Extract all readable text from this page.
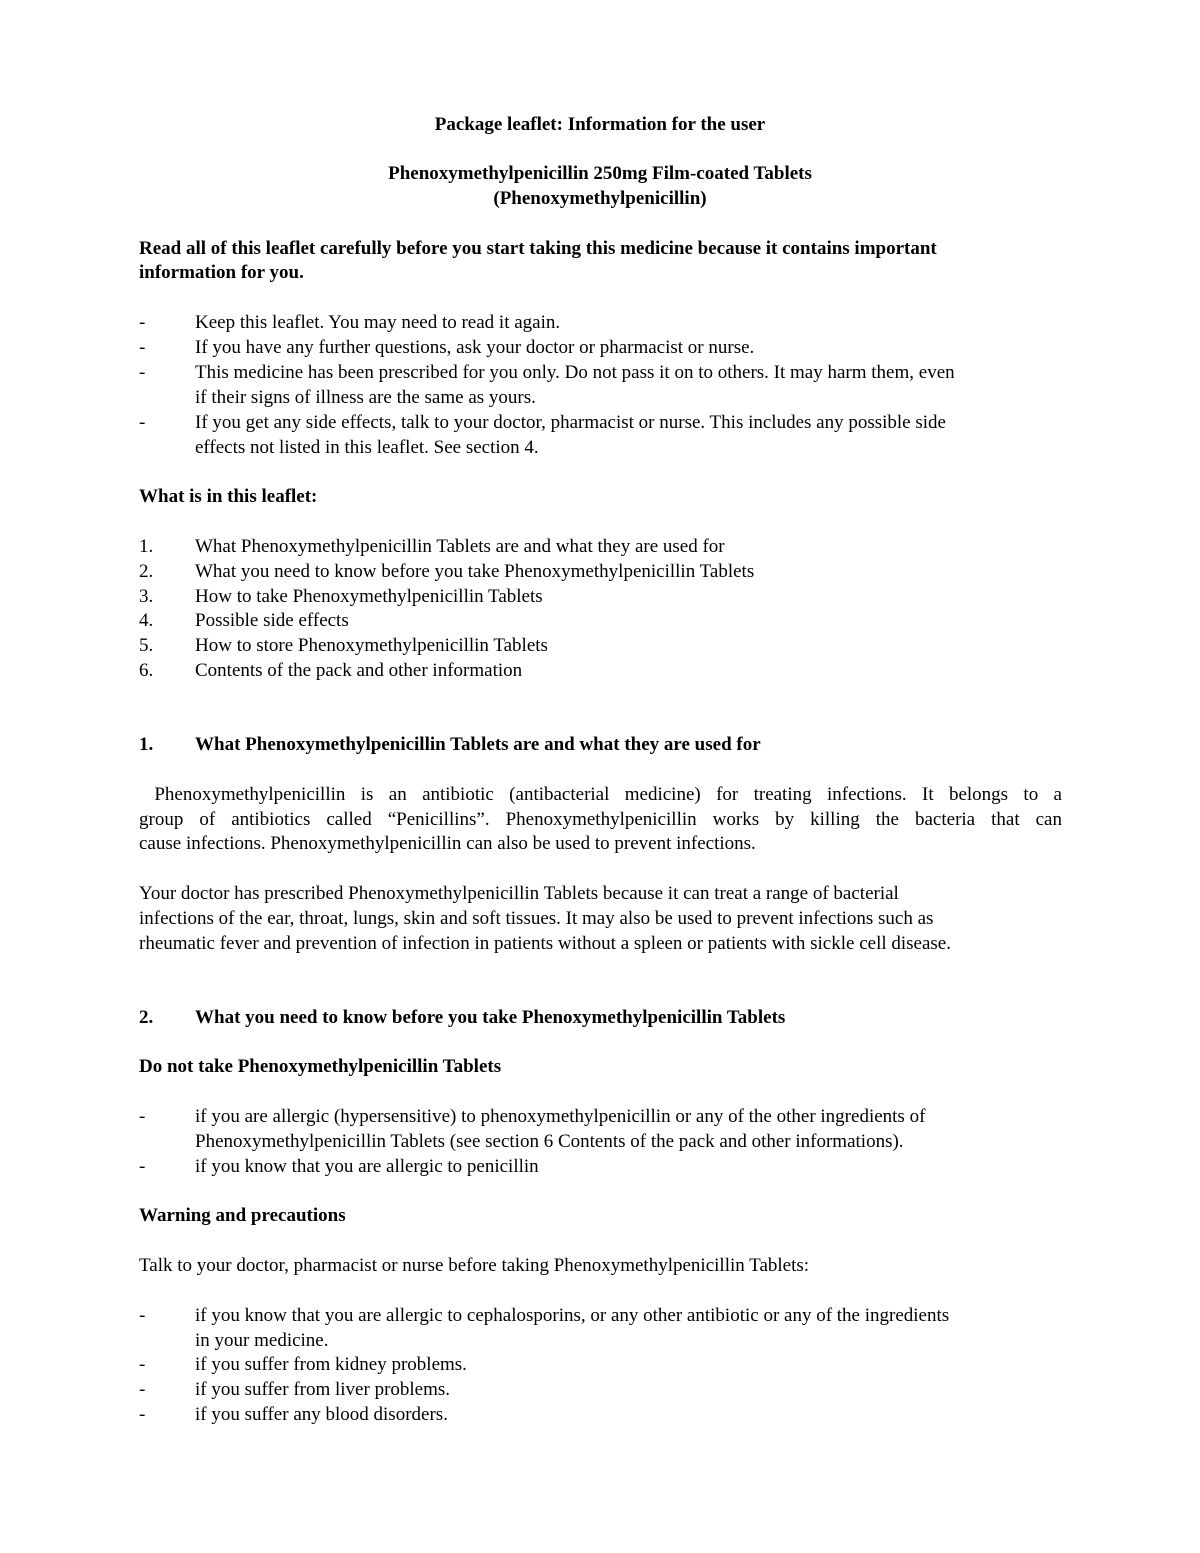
Package leaflet: Information for the user
Phenoxymethylpenicillin 250mg Film-coated Tablets
(Phenoxymethylpenicillin)
Read all of this leaflet carefully before you start taking this medicine because it contains important
information for you.
-	Keep this leaflet. You may need to read it again.
-	If you have any further questions, ask your doctor or pharmacist or nurse.
-	This medicine has been prescribed for you only. Do not pass it on to others. It may harm them, even
if their signs of illness are the same as yours.
-	If you get any side effects, talk to your doctor, pharmacist or nurse. This includes any possible side
effects not listed in this leaflet. See section 4.
What is in this leaflet:
1. What Phenoxymethylpenicillin Tablets are and what they are used for
2. What you need to know before you take Phenoxymethylpenicillin Tablets
3. How to take Phenoxymethylpenicillin Tablets
4. Possible side effects
5. How to store Phenoxymethylpenicillin Tablets
6. Contents of the pack and other information
1. What Phenoxymethylpenicillin Tablets are and what they are used for
Phenoxymethylpenicillin is an antibiotic (antibacterial medicine) for treating infections. It belongs to a
group of antibiotics called “Penicillins”. Phenoxymethylpenicillin works by killing the bacteria that can
cause infections. Phenoxymethylpenicillin can also be used to prevent infections.
Your doctor has prescribed Phenoxymethylpenicillin Tablets because it can treat a range of bacterial
infections of the ear, throat, lungs, skin and soft tissues. It may also be used to prevent infections such as
rheumatic fever and prevention of infection in patients without a spleen or patients with sickle cell disease.
2. What you need to know before you take Phenoxymethylpenicillin Tablets
Do not take Phenoxymethylpenicillin Tablets
-	if you are allergic (hypersensitive) to phenoxymethylpenicillin or any of the other ingredients of
Phenoxymethylpenicillin Tablets (see section 6 Contents of the pack and other informations).
-	if you know that you are allergic to penicillin
Warning and precautions
Talk to your doctor, pharmacist or nurse before taking Phenoxymethylpenicillin Tablets:
-	if you know that you are allergic to cephalosporins, or any other antibiotic or any of the ingredients
in your medicine.
-	if you suffer from kidney problems.
-	if you suffer from liver problems.
-	if you suffer any blood disorders.
